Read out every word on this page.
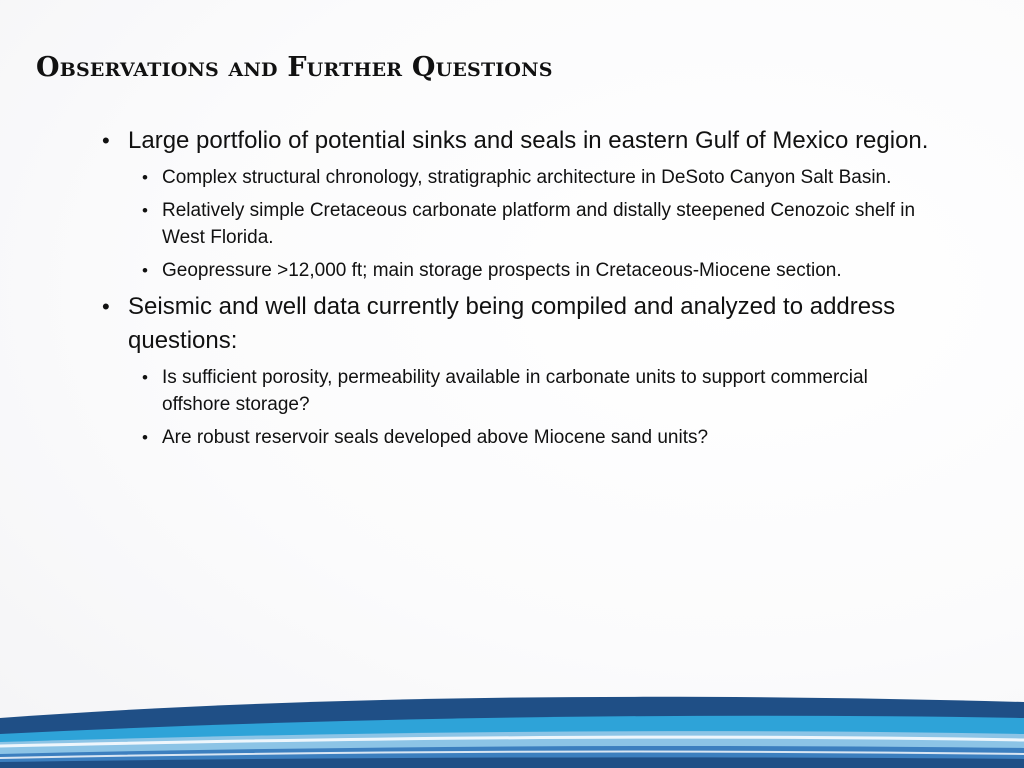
Observations and Further Questions
• Large portfolio of potential sinks and seals in eastern Gulf of Mexico region.
• Complex structural chronology, stratigraphic architecture in DeSoto Canyon Salt Basin.
• Relatively simple Cretaceous carbonate platform and distally steepened Cenozoic shelf in West Florida.
• Geopressure >12,000 ft; main storage prospects in Cretaceous-Miocene section.
• Seismic and well data currently being compiled and analyzed to address questions:
• Is sufficient porosity, permeability available in carbonate units to support commercial offshore storage?
• Are robust reservoir seals developed above Miocene sand units?
